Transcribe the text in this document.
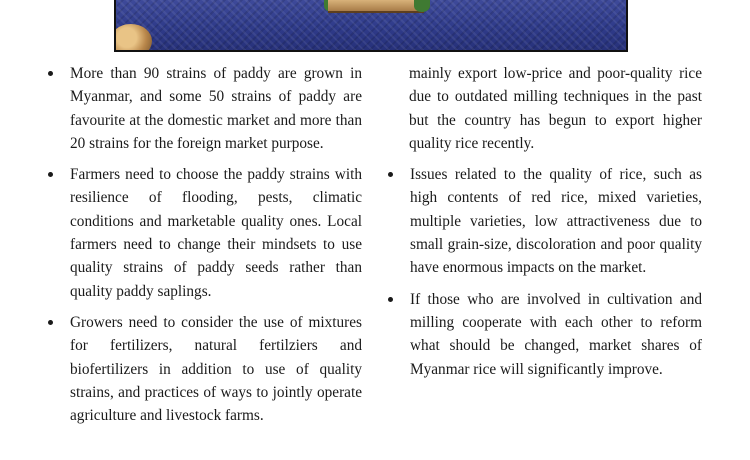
More than 90 strains of paddy are grown in Myanmar, and some 50 strains of paddy are favourite at the domestic market and more than 20 strains for the foreign market purpose.

Farmers need to choose the paddy strains with resilience of flooding, pests, climatic conditions and marketable quality ones. Local farmers need to change their mindsets to use quality strains of paddy seeds rather than quality paddy saplings.

Growers need to consider the use of mixtures for fertilizers, natural fertilziers and biofertilizers in addition to use of quality strains, and practices of ways to jointly operate agriculture and livestock farms.

mainly export low-price and poor-quality rice due to outdated milling techniques in the past but the country has begun to export higher quality rice recently.

Issues related to the quality of rice, such as high contents of red rice, mixed varieties, multiple varieties, low attractiveness due to small grain-size, discoloration and poor quality have enormous impacts on the market.

If those who are involved in cultivation and milling cooperate with each other to reform what should be changed, market shares of Myanmar rice will significantly improve.
